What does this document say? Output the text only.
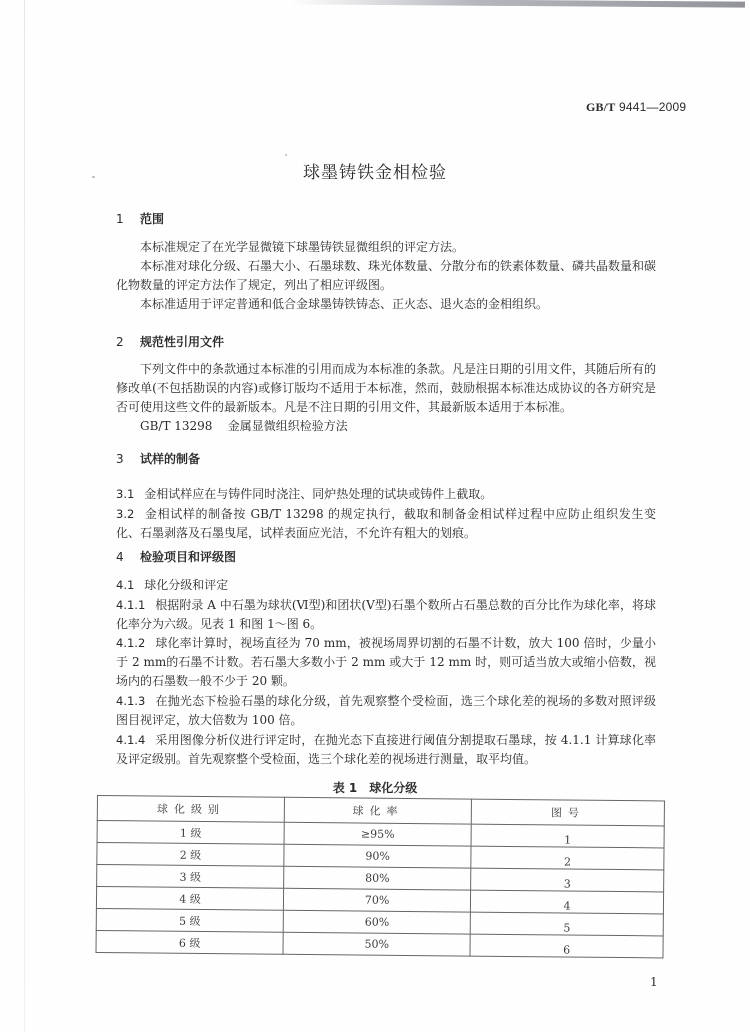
GB/T 9441—2009
球墨铸铁金相检验
1 范围
本标准规定了在光学显微镜下球墨铸铁显微组织的评定方法。
本标准对球化分级、石墨大小、石墨球数、珠光体数量、分散分布的铁素体数量、磷共晶数量和碳化物数量的评定方法作了规定，列出了相应评级图。
本标准适用于评定普通和低合金球墨铸铁铸态、正火态、退火态的金相组织。
2 规范性引用文件
下列文件中的条款通过本标准的引用而成为本标准的条款。凡是注日期的引用文件，其随后所有的修改单(不包括勘误的内容)或修订版均不适用于本标准，然而，鼓励根据本标准达成协议的各方研究是否可使用这些文件的最新版本。凡是不注日期的引用文件，其最新版本适用于本标准。
GB/T 13298 金属显微组织检验方法
3 试样的制备
3.1 金相试样应在与铸件同时浇注、同炉热处理的试块或铸件上截取。
3.2 金相试样的制备按 GB/T 13298 的规定执行，截取和制备金相试样过程中应防止组织发生变化、石墨剥落及石墨曳尾，试样表面应光洁，不允许有粗大的划痕。
4 检验项目和评级图
4.1 球化分级和评定
4.1.1 根据附录 A 中石墨为球状(Ⅵ型)和团状(Ⅴ型)石墨个数所占石墨总数的百分比作为球化率，将球化率分为六级。见表 1 和图 1～图 6。
4.1.2 球化率计算时，视场直径为 70 mm，被视场周界切割的石墨不计数，放大 100 倍时，少量小于 2 mm的石墨不计数。若石墨大多数小于 2 mm 或大于 12 mm 时，则可适当放大或缩小倍数，视场内的石墨数一般不少于 20 颗。
4.1.3 在抛光态下检验石墨的球化分级，首先观察整个受检面，选三个球化差的视场的多数对照评级图目视评定，放大倍数为 100 倍。
4.1.4 采用图像分析仪进行评定时，在抛光态下直接进行阈值分割提取石墨球，按 4.1.1 计算球化率及评定级别。首先观察整个受检面，选三个球化差的视场进行测量，取平均值。
表 1　球化分级
球化级别	球化率	图号
1 级	≥95%	1
2 级	90%	2
3 级	80%	3
4 级	70%	4
5 级	60%	5
6 级	50%	6
1
